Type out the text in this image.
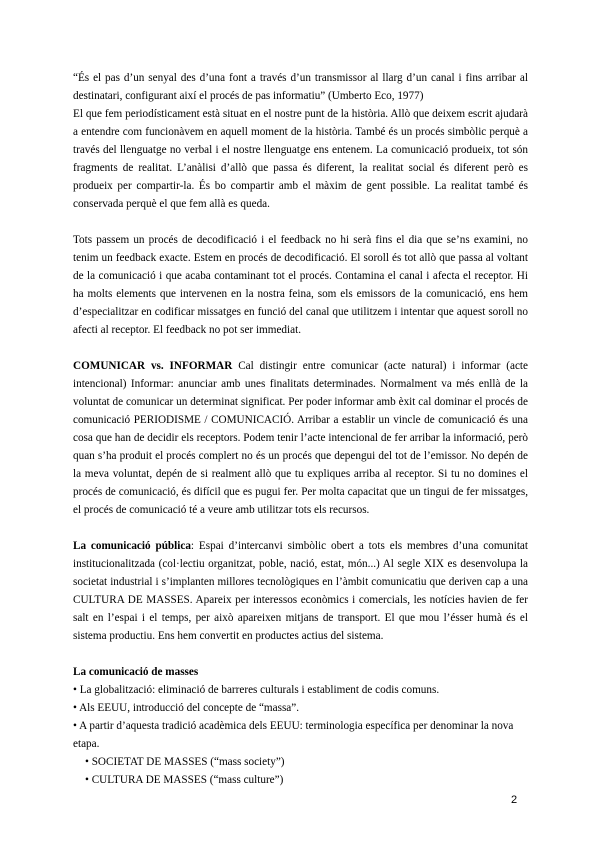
“És el pas d’un senyal des d’una font a través d’un transmissor al llarg d’un canal i fins arribar al destinatari, configurant així el procés de pas informatiu” (Umberto Eco, 1977)

El que fem periodísticament està situat en el nostre punt de la història. Allò que deixem escrit ajudarà a entendre com funcionàvem en aquell moment de la història. També és un procés simbòlic perquè a través del llenguatge no verbal i el nostre llenguatge ens entenem. La comunicació produeix, tot són fragments de realitat. L’anàlisi d’allò que passa és diferent, la realitat social és diferent però es produeix per compartir-la. És bo compartir amb el màxim de gent possible. La realitat també és conservada perquè el que fem allà es queda.

Tots passem un procés de decodificació i el feedback no hi serà fins el dia que se’ns examini, no tenim un feedback exacte. Estem en procés de decodificació. El soroll és tot allò que passa al voltant de la comunicació i que acaba contaminant tot el procés. Contamina el canal i afecta el receptor. Hi ha molts elements que intervenen en la nostra feina, som els emissors de la comunicació, ens hem d’especialitzar en codificar missatges en funció del canal que utilitzem i intentar que aquest soroll no afecti al receptor. El feedback no pot ser immediat.

COMUNICAR vs. INFORMAR Cal distingir entre comunicar (acte natural) i informar (acte intencional) Informar: anunciar amb unes finalitats determinades. Normalment va més enllà de la voluntat de comunicar un determinat significat. Per poder informar amb èxit cal dominar el procés de comunicació PERIODISME / COMUNICACIÓ. Arribar a establir un vincle de comunicació és una cosa que han de decidir els receptors. Podem tenir l’acte intencional de fer arribar la informació, però quan s’ha produit el procés complert no és un procés que depengui del tot de l’emissor. No depén de la meva voluntat, depén de si realment allò que tu expliques arriba al receptor. Si tu no domines el procés de comunicació, és difícil que es pugui fer. Per molta capacitat que un tingui de fer missatges, el procés de comunicació té a veure amb utilitzar tots els recursos.

La comunicació pública: Espai d’intercanvi simbòlic obert a tots els membres d’una comunitat institucionalitzada (col·lectiu organitzat, poble, nació, estat, món...) Al segle XIX es desenvolupa la societat industrial i s’implanten millores tecnològiques en l’àmbit comunicatiu que deriven cap a una CULTURA DE MASSES. Apareix per interessos econòmics i comercials, les notícies havien de fer salt en l’espai i el temps, per això apareixen mitjans de transport. El que mou l’ésser humà és el sistema productiu. Ens hem convertit en productes actius del sistema.

La comunicació de masses
• La globalització: eliminació de barreres culturals i establiment de codis comuns.
• Als EEUU, introducció del concepte de “massa”.
• A partir d’aquesta tradició acadèmica dels EEUU: terminologia específica per denominar la nova etapa.
• SOCIETAT DE MASSES (“mass society”)
• CULTURA DE MASSES (“mass culture”)
2
